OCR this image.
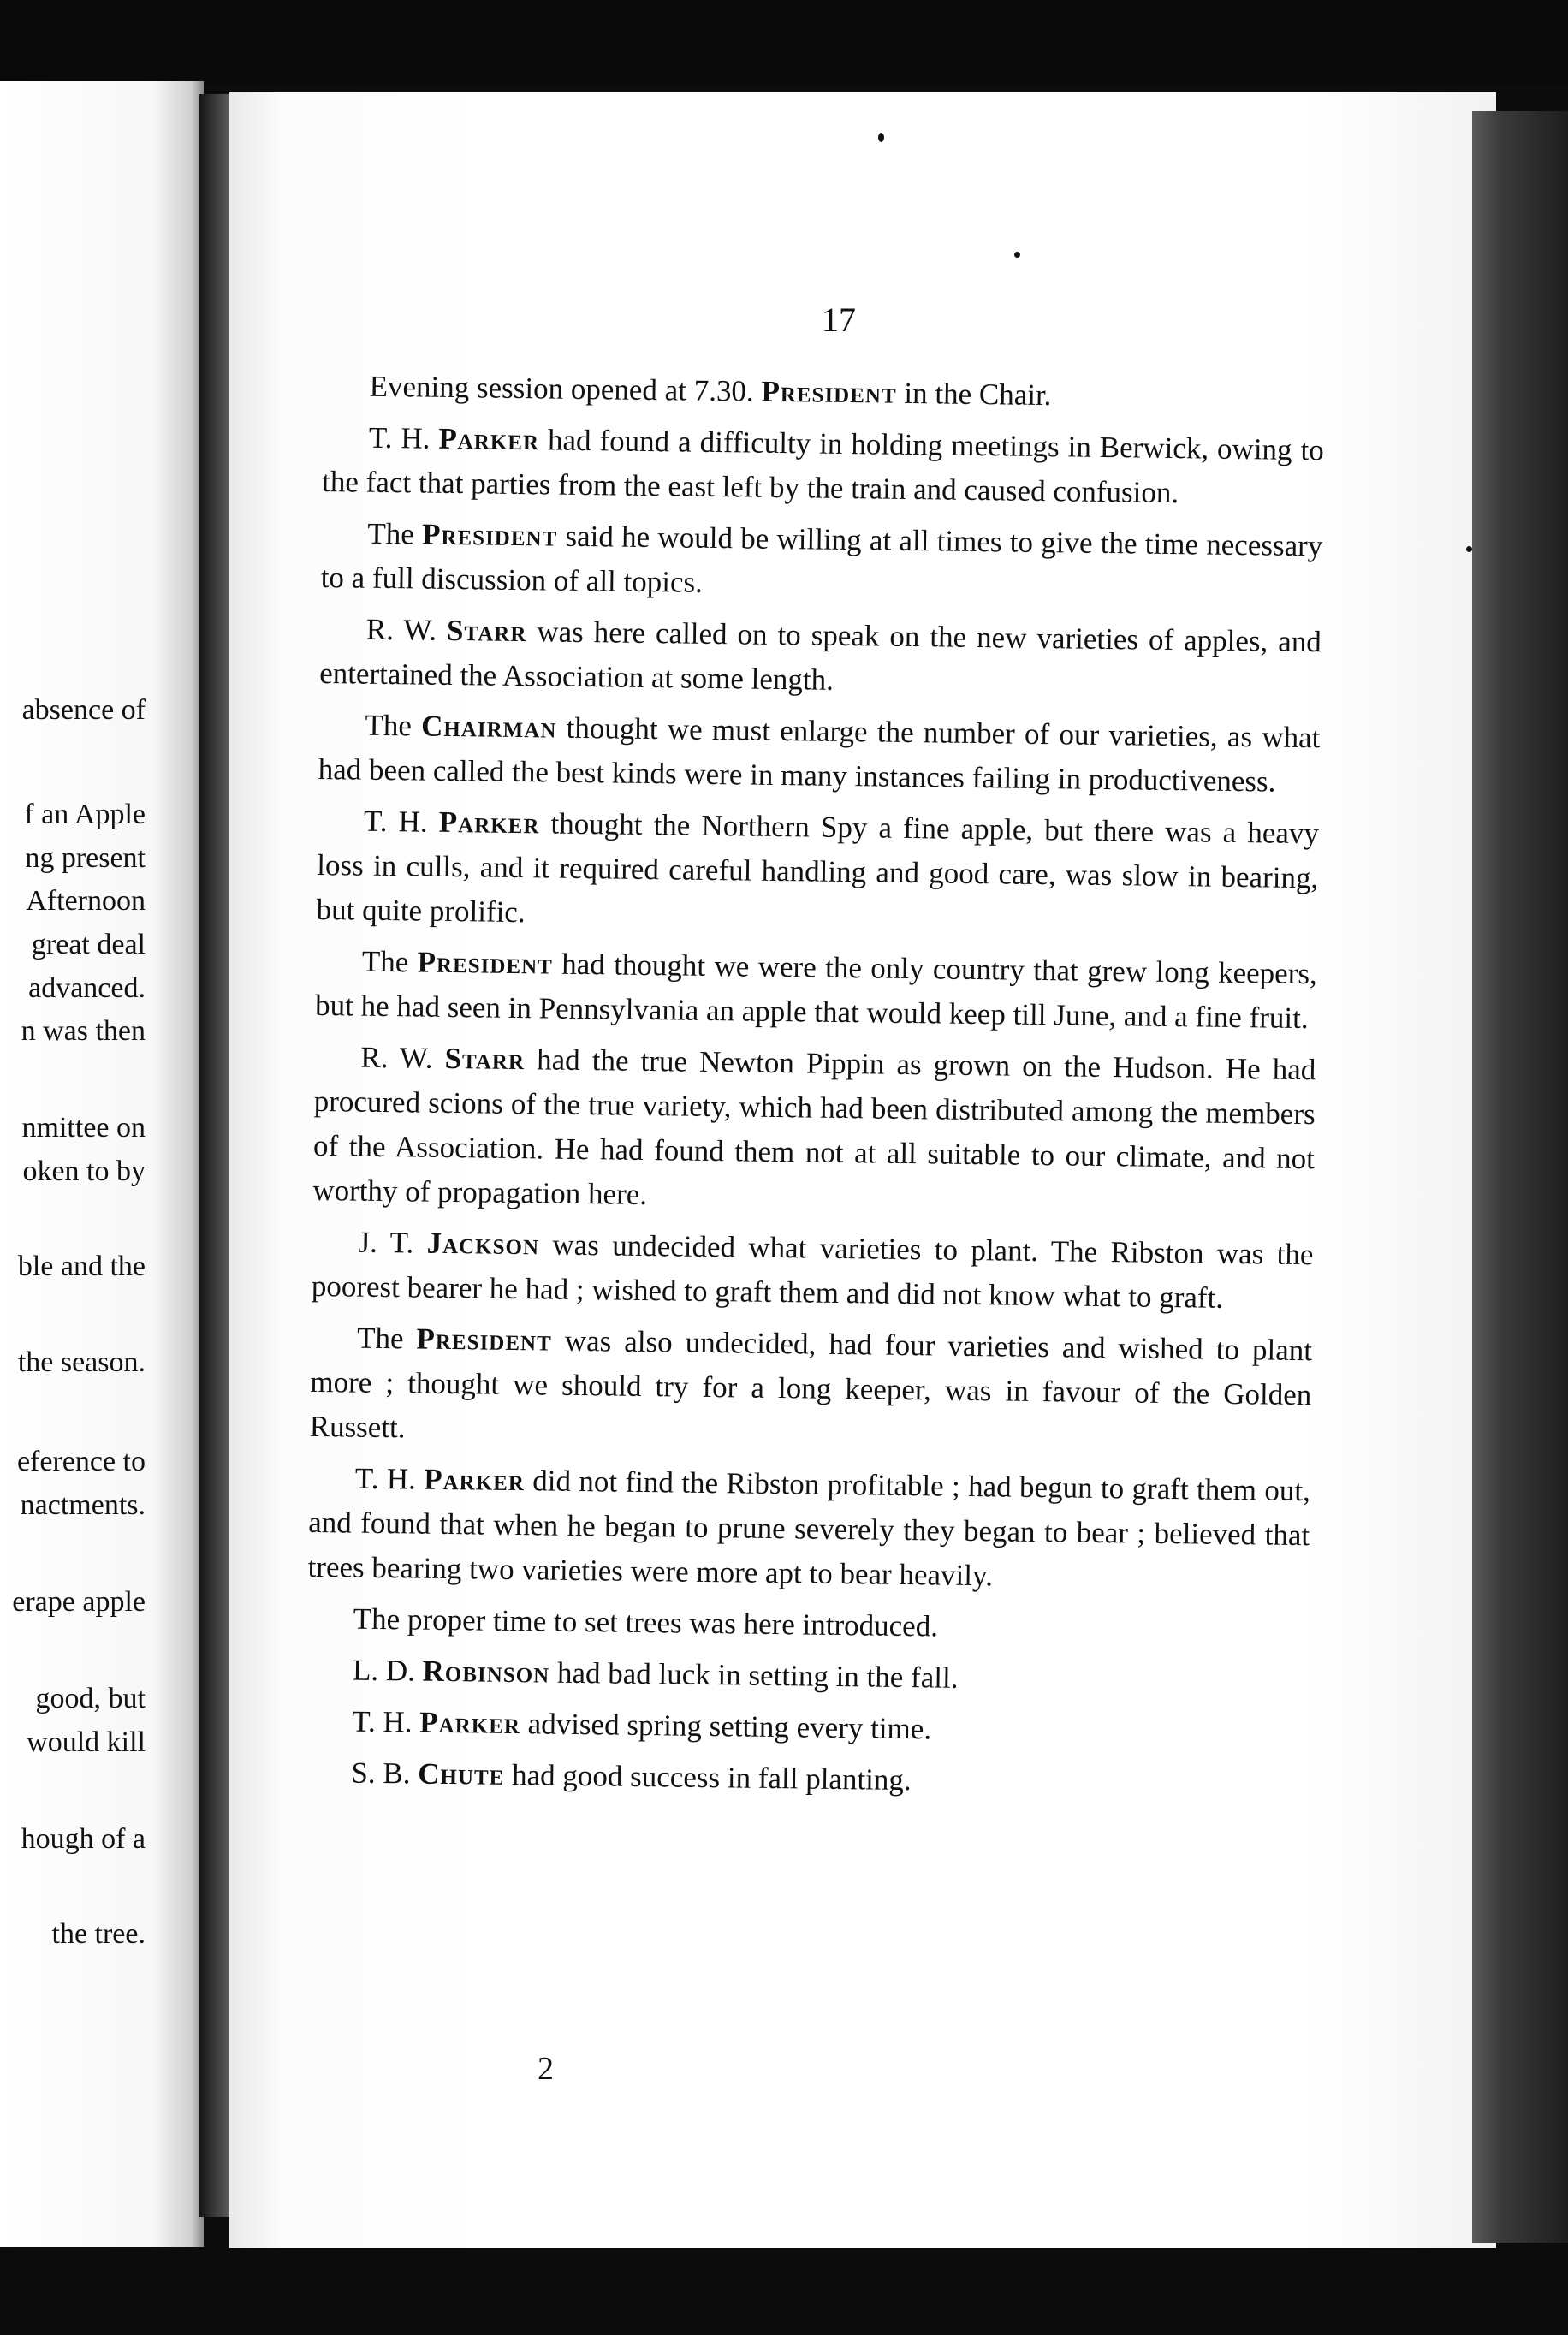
absence of
f an Apple
ng present
Afternoon
great deal
advanced.
n was then
nmittee on
oken to by
ble and the
the season.
eference to
nactments.
erape apple
good, but
would kill
hough of a
the tree.
17

Evening session opened at 7.30. President in the Chair.

T. H. Parker had found a difficulty in holding meetings in Berwick, owing to the fact that parties from the east left by the train and caused confusion.

The President said he would be willing at all times to give the time necessary to a full discussion of all topics.

R. W. Starr was here called on to speak on the new varieties of apples, and entertained the Association at some length.

The Chairman thought we must enlarge the number of our varieties, as what had been called the best kinds were in many instances failing in productiveness.

T. H. Parker thought the Northern Spy a fine apple, but there was a heavy loss in culls, and it required careful handling and good care, was slow in bearing, but quite prolific.

The President had thought we were the only country that grew long keepers, but he had seen in Pennsylvania an apple that would keep till June, and a fine fruit.

R. W. Starr had the true Newton Pippin as grown on the Hudson. He had procured scions of the true variety, which had been distributed among the members of the Association. He had found them not at all suitable to our climate, and not worthy of propagation here.

J. T. Jackson was undecided what varieties to plant. The Ribston was the poorest bearer he had ; wished to graft them and did not know what to graft.

The President was also undecided, had four varieties and wished to plant more ; thought we should try for a long keeper, was in favour of the Golden Russett.

T. H. Parker did not find the Ribston profitable ; had begun to graft them out, and found that when he began to prune severely they began to bear ; believed that trees bearing two varieties were more apt to bear heavily.

The proper time to set trees was here introduced.

L. D. Robinson had bad luck in setting in the fall.

T. H. Parker advised spring setting every time.

S. B. Chute had good success in fall planting.

2
